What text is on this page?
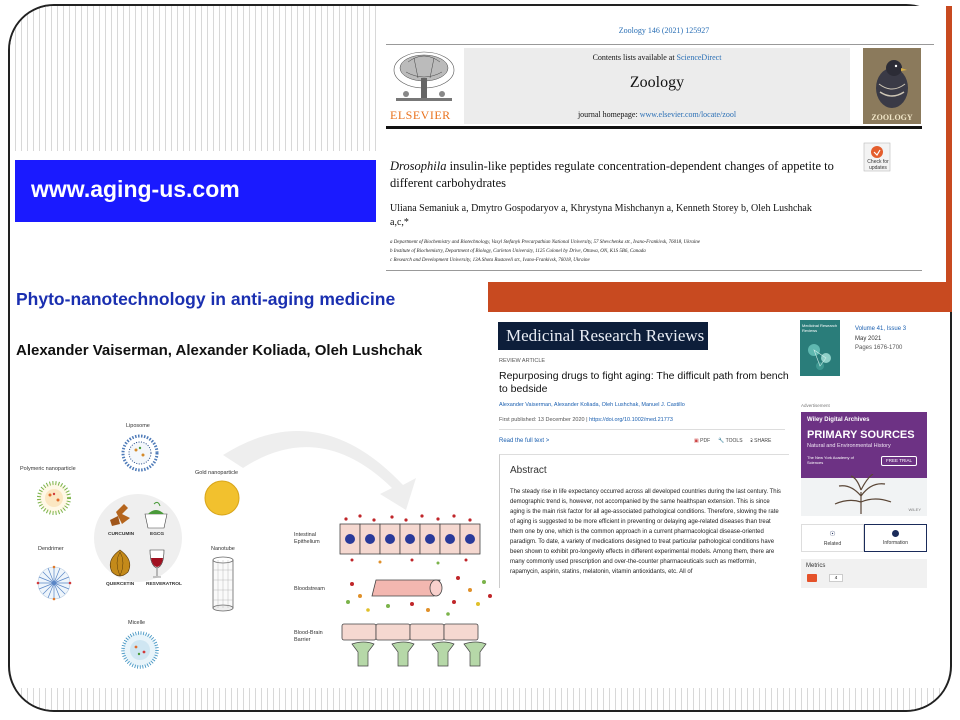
www.aging-us.com
Zoology 146 (2021) 125927
ELSEVIER
Contents lists available at ScienceDirect
Zoology
journal homepage: www.elsevier.com/locate/zool	ZOOLOGY
Check for updates
Drosophila insulin-like peptides regulate concentration-dependent changes of appetite to different carbohydrates
Uliana Semaniuk a, Dmytro Gospodaryov a, Khrystyna Mishchanyn a, Kenneth Storey b, Oleh Lushchak a,c,*
a Department of Biochemistry and Biotechnology, Vasyl Stefanyk Precarpathian National University, 57 Shevchenka str., Ivano-Frankivsk, 76018, Ukraine
b Institute of Biochemistry, Department of Biology, Carleton University, 1125 Colonel by Drive, Ottawa, ON, K1S 5B6, Canada
c Research and Development University, 13A Shota Rustaveli str., Ivano-Frankivsk, 76018, Ukraine
Phyto-nanotechnology in anti-aging medicine
Alexander Vaiserman, Alexander Koliada, Oleh Lushchak
Medicinal Research Reviews
Medicinal Research Reviews	Volume 41, Issue 3
May 2021
Pages 1676-1700
REVIEW ARTICLE
Repurposing drugs to fight aging: The difficult path from bench to bedside
Alexander Vaiserman, Alexander Koliada, Oleh Lushchak, Manuel J. Castillo
First published: 13 December 2020 | https://doi.org/10.1002/med.21773
Read the full text >	▣ PDF 🔧 TOOLS ⫌ SHARE
Abstract
The steady rise in life expectancy occurred across all developed countries during the last century. This demographic trend is, however, not accompanied by the same healthspan extension. This is since aging is the main risk factor for all age-associated pathological conditions. Therefore, slowing the rate of aging is suggested to be more efficient in preventing or delaying age-related diseases than treat them one by one, which is the common approach in a current pharmacological disease-oriented paradigm. To date, a variety of medications designed to treat particular pathological conditions have been shown to exhibit pro-longevity effects in different experimental models. Among them, there are many commonly used prescription and over-the-counter pharmaceuticals such as metformin, rapamycin, aspirin, statins, melatonin, vitamin antioxidants, etc. All of
Advertisement
Wiley Digital Archives
PRIMARY SOURCES
Natural and Environmental History
The New York Academy of Sciences	FREE TRIAL
WILEY
☉
Related	Information
Metrics
4
CURCUMIN	EGCG
QUERCETIN RESVERATROL
Liposome
Polymeric nanoparticle
Gold nanoparticle
Dendrimer	Nanotube
Micelle
Intestinal
Epithelium
Bloodstream
Blood-Brain
Barrier
